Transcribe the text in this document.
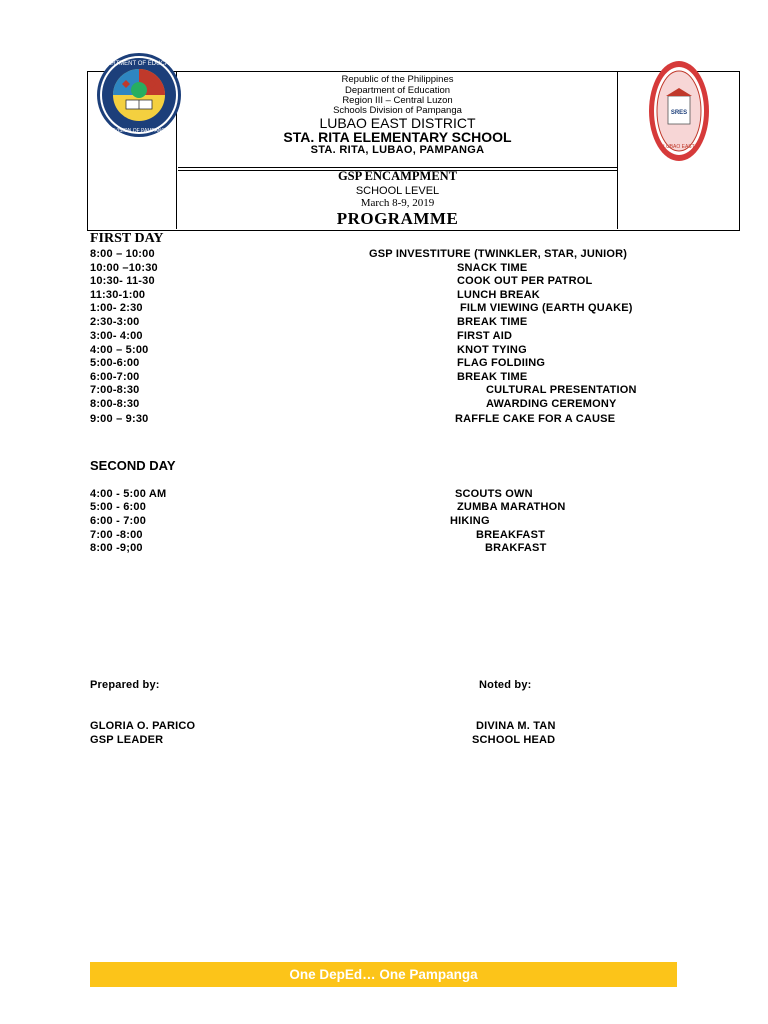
DEPARTMENT OF EDUCATION
DIVISION OF PAMPANGA
SRES
LUBAO EAST
Republic of the Philippines
Department of Education
Region III – Central Luzon
Schools Division of Pampanga
LUBAO EAST DISTRICT
STA. RITA ELEMENTARY SCHOOL
STA. RITA, LUBAO, PAMPANGA
GSP ENCAMPMENT
SCHOOL LEVEL
March 8-9, 2019
PROGRAMME
FIRST DAY
8:00 – 10:00	GSP INVESTITURE (TWINKLER, STAR, JUNIOR)
10:00 –10:30	SNACK TIME
10:30- 11-30	COOK OUT PER PATROL
11:30-1:00	LUNCH BREAK
1:00- 2:30	FILM VIEWING (EARTH QUAKE)
2:30-3:00	BREAK TIME
3:00- 4:00	FIRST AID
4:00 – 5:00	KNOT TYING
5:00-6:00	FLAG FOLDIING
6:00-7:00	BREAK TIME
7:00-8:30	CULTURAL PRESENTATION
8:00-8:30	AWARDING CEREMONY
9:00 – 9:30	RAFFLE CAKE FOR A CAUSE
SECOND DAY
4:00 - 5:00 AM	SCOUTS OWN
5:00 - 6:00	ZUMBA MARATHON
6:00 - 7:00	HIKING
7:00 -8:00	BREAKFAST
8:00 -9;00	BRAKFAST
Prepared by:	Noted by:
GLORIA O. PARICO	DIVINA M. TAN
GSP LEADER	SCHOOL HEAD
One DepEd… One Pampanga
